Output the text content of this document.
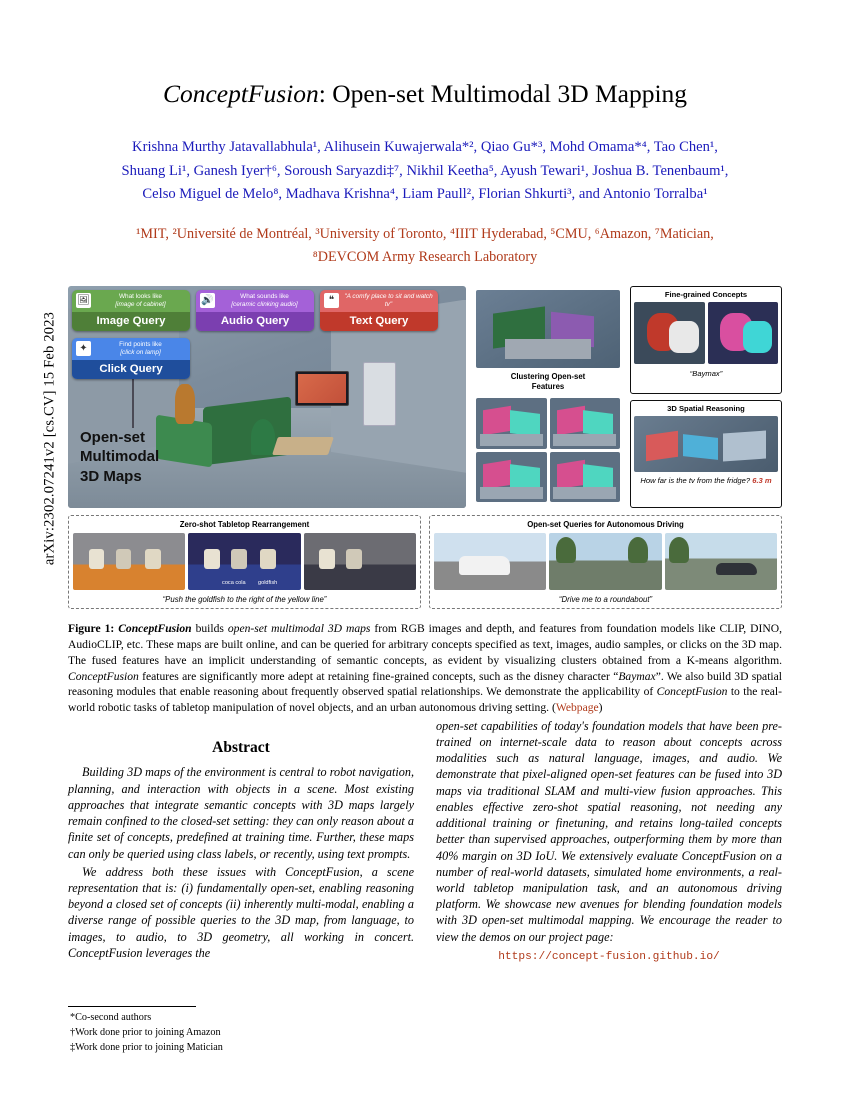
arXiv:2302.07241v2 [cs.CV] 15 Feb 2023
ConceptFusion: Open-set Multimodal 3D Mapping
Krishna Murthy Jatavallabhula¹, Alihusein Kuwajerwala*², Qiao Gu*³, Mohd Omama*⁴, Tao Chen¹,
Shuang Li¹, Ganesh Iyer†⁶, Soroush Saryazdi‡⁷, Nikhil Keetha⁵, Ayush Tewari¹, Joshua B. Tenenbaum¹,
Celso Miguel de Melo⁸, Madhava Krishna⁴, Liam Paull², Florian Shkurti³, and Antonio Torralba¹
¹MIT, ²Université de Montréal, ³University of Toronto, ⁴IIIT Hyderabad, ⁵CMU, ⁶Amazon, ⁷Matician,
⁸DEVCOM Army Research Laboratory
🖼	What looks like
[image of cabinet]
Image Query
🔊	What sounds like
[ceramic clinking audio]
Audio Query
❝	"A comfy place to sit and watch tv"
Text Query
✦	Find points like
[click on lamp]
Click Query
Open-set
Multimodal
3D Maps
Clustering Open-set
Features
Fine-grained Concepts
“Baymax”
3D Spatial Reasoning
How far is the tv from the fridge? 6.3 m
Zero-shot Tabletop Rearrangement
coca cola goldfish
“Push the goldfish to the right of the yellow line”
Open-set Queries for Autonomous Driving
“Drive me to a roundabout”
Figure 1: ConceptFusion builds open-set multimodal 3D maps from RGB images and depth, and features from foundation models like CLIP, DINO, AudioCLIP, etc. These maps are built online, and can be queried for arbitrary concepts specified as text, images, audio samples, or clicks on the 3D map. The fused features have an implicit understanding of semantic concepts, as evident by visualizing clusters obtained from a K-means algorithm. ConceptFusion features are significantly more adept at retaining fine-grained concepts, such as the disney character “Baymax”. We also build 3D spatial reasoning modules that enable reasoning about frequently observed spatial relationships. We demonstrate the applicability of ConceptFusion to the real-world robotic tasks of tabletop manipulation of novel objects, and an urban autonomous driving setting. (Webpage)
Abstract

Building 3D maps of the environment is central to robot navigation, planning, and interaction with objects in a scene. Most existing approaches that integrate semantic concepts with 3D maps largely remain confined to the closed-set setting: they can only reason about a finite set of concepts, predefined at training time. Further, these maps can only be queried using class labels, or recently, using text prompts.

We address both these issues with ConceptFusion, a scene representation that is: (i) fundamentally open-set, enabling reasoning beyond a closed set of concepts (ii) inherently multi-modal, enabling a diverse range of possible queries to the 3D map, from language, to images, to audio, to 3D geometry, all working in concert. ConceptFusion leverages the

open-set capabilities of today's foundation models that have been pre-trained on internet-scale data to reason about concepts across modalities such as natural language, images, and audio. We demonstrate that pixel-aligned open-set features can be fused into 3D maps via traditional SLAM and multi-view fusion approaches. This enables effective zero-shot spatial reasoning, not needing any additional training or finetuning, and retains long-tailed concepts better than supervised approaches, outperforming them by more than 40% margin on 3D IoU. We extensively evaluate ConceptFusion on a number of real-world datasets, simulated home environments, a real-world tabletop manipulation task, and an autonomous driving platform. We showcase new avenues for blending foundation models with 3D open-set multimodal mapping. We encourage the reader to view the demos on our project page:

https://concept-fusion.github.io/

*Co-second authors
†Work done prior to joining Amazon
‡Work done prior to joining Matician
